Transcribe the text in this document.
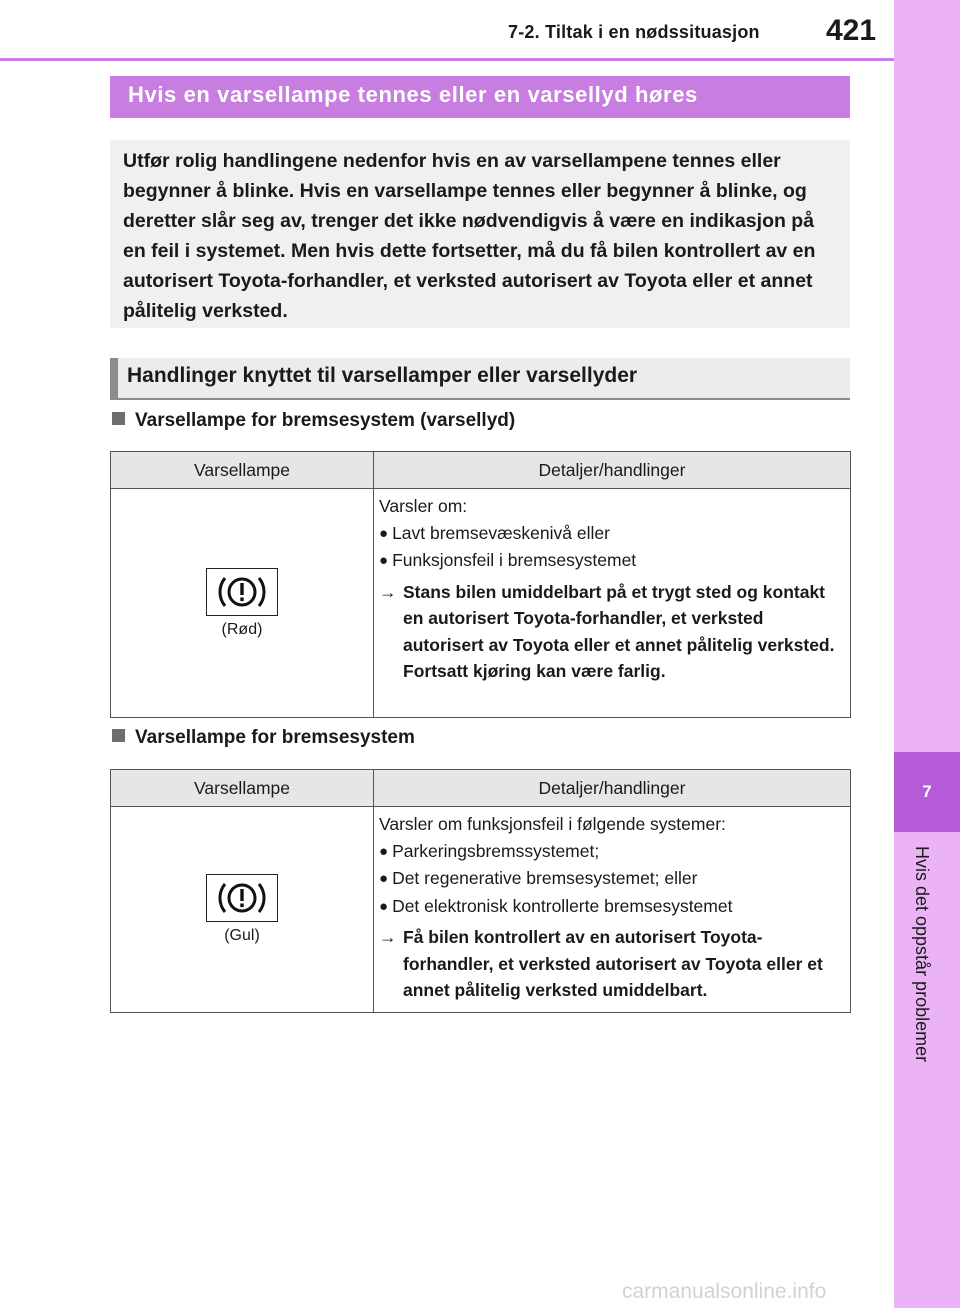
7-2. Tiltak i en nødssituasjon 421
7
Hvis det oppstår problemer
Hvis en varsellampe tennes eller en varsellyd høres
Utfør rolig handlingene nedenfor hvis en av varsellampene tennes eller begynner å blinke. Hvis en varsellampe tennes eller begynner å blinke, og deretter slår seg av, trenger det ikke nødvendigvis å være en indikasjon på en feil i systemet. Men hvis dette fortsetter, må du få bilen kontrollert av en autorisert Toyota-forhandler, et verksted autorisert av Toyota eller et annet pålitelig verksted.
Handlinger knyttet til varsellamper eller varsellyder
Varsellampe for bremsesystem (varsellyd)
Varsellampe	Detaljer/handlinger

(Rød)	Varsler om:
● Lavt bremsevæskenivå eller
● Funksjonsfeil i bremsesystemet
→ Stans bilen umiddelbart på et trygt sted og kontakt en autorisert Toyota-forhandler, et verksted autorisert av Toyota eller et annet pålitelig verksted. Fortsatt kjøring kan være farlig.
Varsellampe for bremsesystem
Varsellampe	Detaljer/handlinger

(Gul)	Varsler om funksjonsfeil i følgende systemer:
● Parkeringsbremssystemet;
● Det regenerative bremsesystemet; eller
● Det elektronisk kontrollerte bremsesystemet
→ Få bilen kontrollert av en autorisert Toyota-forhandler, et verksted autorisert av Toyota eller et annet pålitelig verksted umiddelbart.
carmanualsonline.info
